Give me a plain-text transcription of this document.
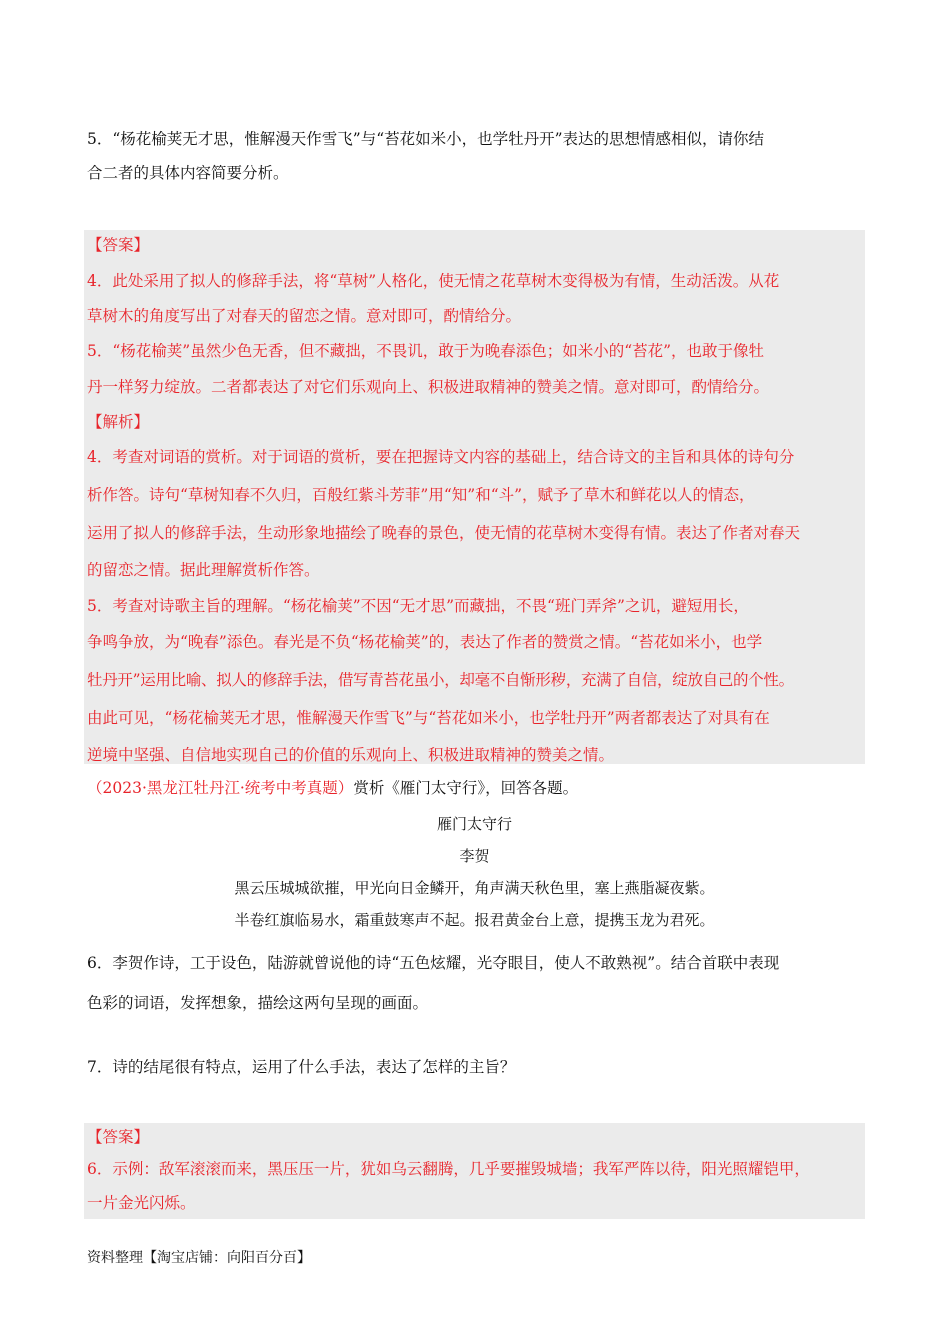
5．“杨花榆荚无才思，惟解漫天作雪飞”与“苔花如米小，也学牡丹开”表达的思想情感相似，请你结

合二者的具体内容简要分析。

【答案】

4．此处采用了拟人的修辞手法，将“草树”人格化，使无情之花草树木变得极为有情，生动活泼。从花

草树木的角度写出了对春天的留恋之情。意对即可，酌情给分。

5．“杨花榆荚”虽然少色无香，但不藏拙，不畏讥，敢于为晚春添色；如米小的“苔花”，也敢于像牡

丹一样努力绽放。二者都表达了对它们乐观向上、积极进取精神的赞美之情。意对即可，酌情给分。

【解析】

4．考查对词语的赏析。对于词语的赏析，要在把握诗文内容的基础上，结合诗文的主旨和具体的诗句分

析作答。诗句“草树知春不久归，百般红紫斗芳菲”用“知”和“斗”，赋予了草木和鲜花以人的情态，

运用了拟人的修辞手法，生动形象地描绘了晚春的景色，使无情的花草树木变得有情。表达了作者对春天

的留恋之情。据此理解赏析作答。

5．考查对诗歌主旨的理解。“杨花榆荚”不因“无才思”而藏拙，不畏“班门弄斧”之讥，避短用长，

争鸣争放，为“晚春”添色。春光是不负“杨花榆荚”的，表达了作者的赞赏之情。“苔花如米小，也学

牡丹开”运用比喻、拟人的修辞手法，借写青苔花虽小，却毫不自惭形秽，充满了自信，绽放自己的个性。

由此可见，“杨花榆荚无才思，惟解漫天作雪飞”与“苔花如米小，也学牡丹开”两者都表达了对具有在

逆境中坚强、自信地实现自己的价值的乐观向上、积极进取精神的赞美之情。

（2023·黑龙江牡丹江·统考中考真题）赏析《雁门太守行》，回答各题。

雁门太守行

李贺

黑云压城城欲摧，甲光向日金鳞开，角声满天秋色里，塞上燕脂凝夜紫。

半卷红旗临易水，霜重鼓寒声不起。报君黄金台上意，提携玉龙为君死。

6．李贺作诗，工于设色，陆游就曾说他的诗“五色炫耀，光夺眼目，使人不敢熟视”。结合首联中表现

色彩的词语，发挥想象，描绘这两句呈现的画面。

7．诗的结尾很有特点，运用了什么手法，表达了怎样的主旨？

【答案】

6．示例：敌军滚滚而来，黑压压一片，犹如乌云翻腾，几乎要摧毁城墙；我军严阵以待，阳光照耀铠甲，

一片金光闪烁。

资料整理【淘宝店铺：向阳百分百】
